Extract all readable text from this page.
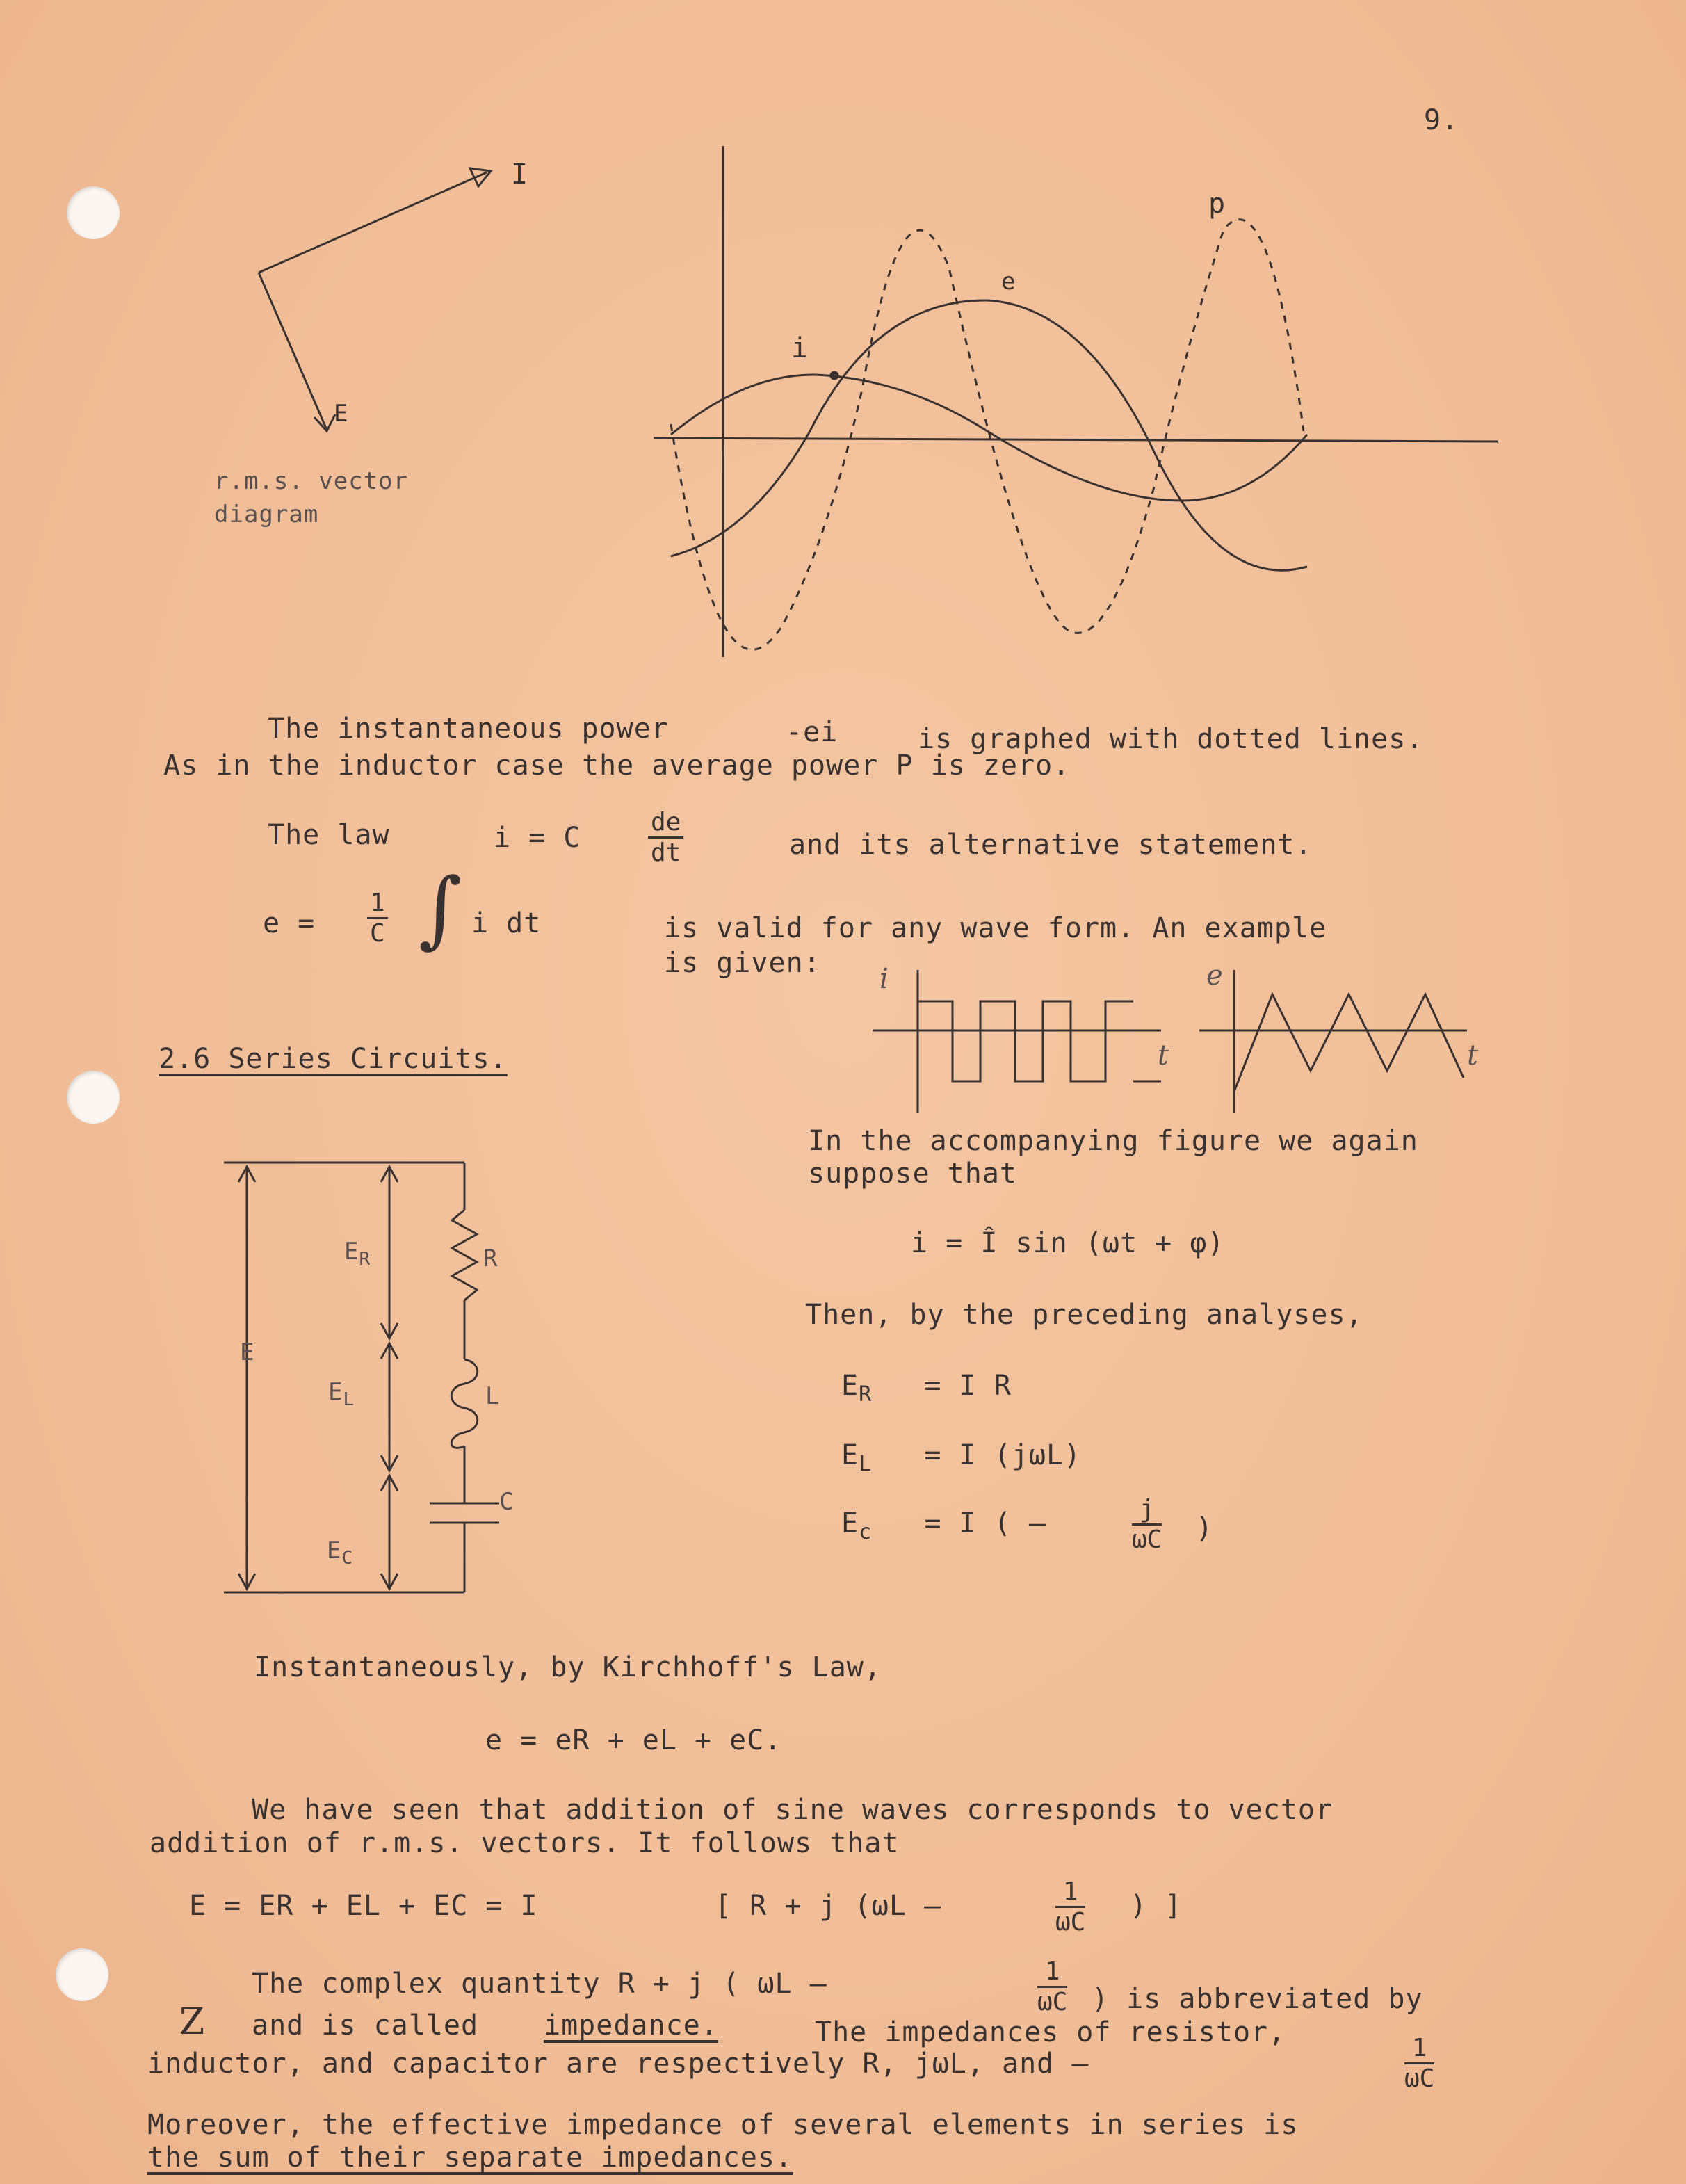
9.
I
E
r.m.s. vector
diagram
p
e
i
The instantaneous power	-ei	is graphed with dotted lines.
As in the inductor case the average power P is zero.
The law	i = C	$\frac{de}{dt}$	and its alternative statement.
$e = \frac{1}{C}$ ∫ i dt	is valid for any wave form. An example
is given: i
t
e
t
2.6 Series Circuits.
E
$E_R$
$E_L$
$E_C$
R
L
C
In the accompanying figure we again
suppose that
i = Î sin (ωt + φ)
Then, by the preceding analyses,
$E_R = I$ R
$E_L = I$ (jωL)
$E_c = I$ ( —	$\frac{j}{\omega C}$ )
Instantaneously, by Kirchhoff's Law,
e = eR + eL + eC.
We have seen that addition of sine waves corresponds to vector
addition of r.m.s. vectors. It follows that
E = ER + EL + EC = I	[ R + j (ωL —	$\frac{1}{\omega C}$ ) ]
The complex quantity R + j ( ωL —	$\frac{1}{\omega C}$ ) is abbreviated by
Z and is called impedance.	The impedances of resistor,
inductor, and capacitor are respectively R, jωL, and —	$\frac{1}{\omega C}$
Moreover, the effective impedance of several elements in series is
the sum of their separate impedances.
